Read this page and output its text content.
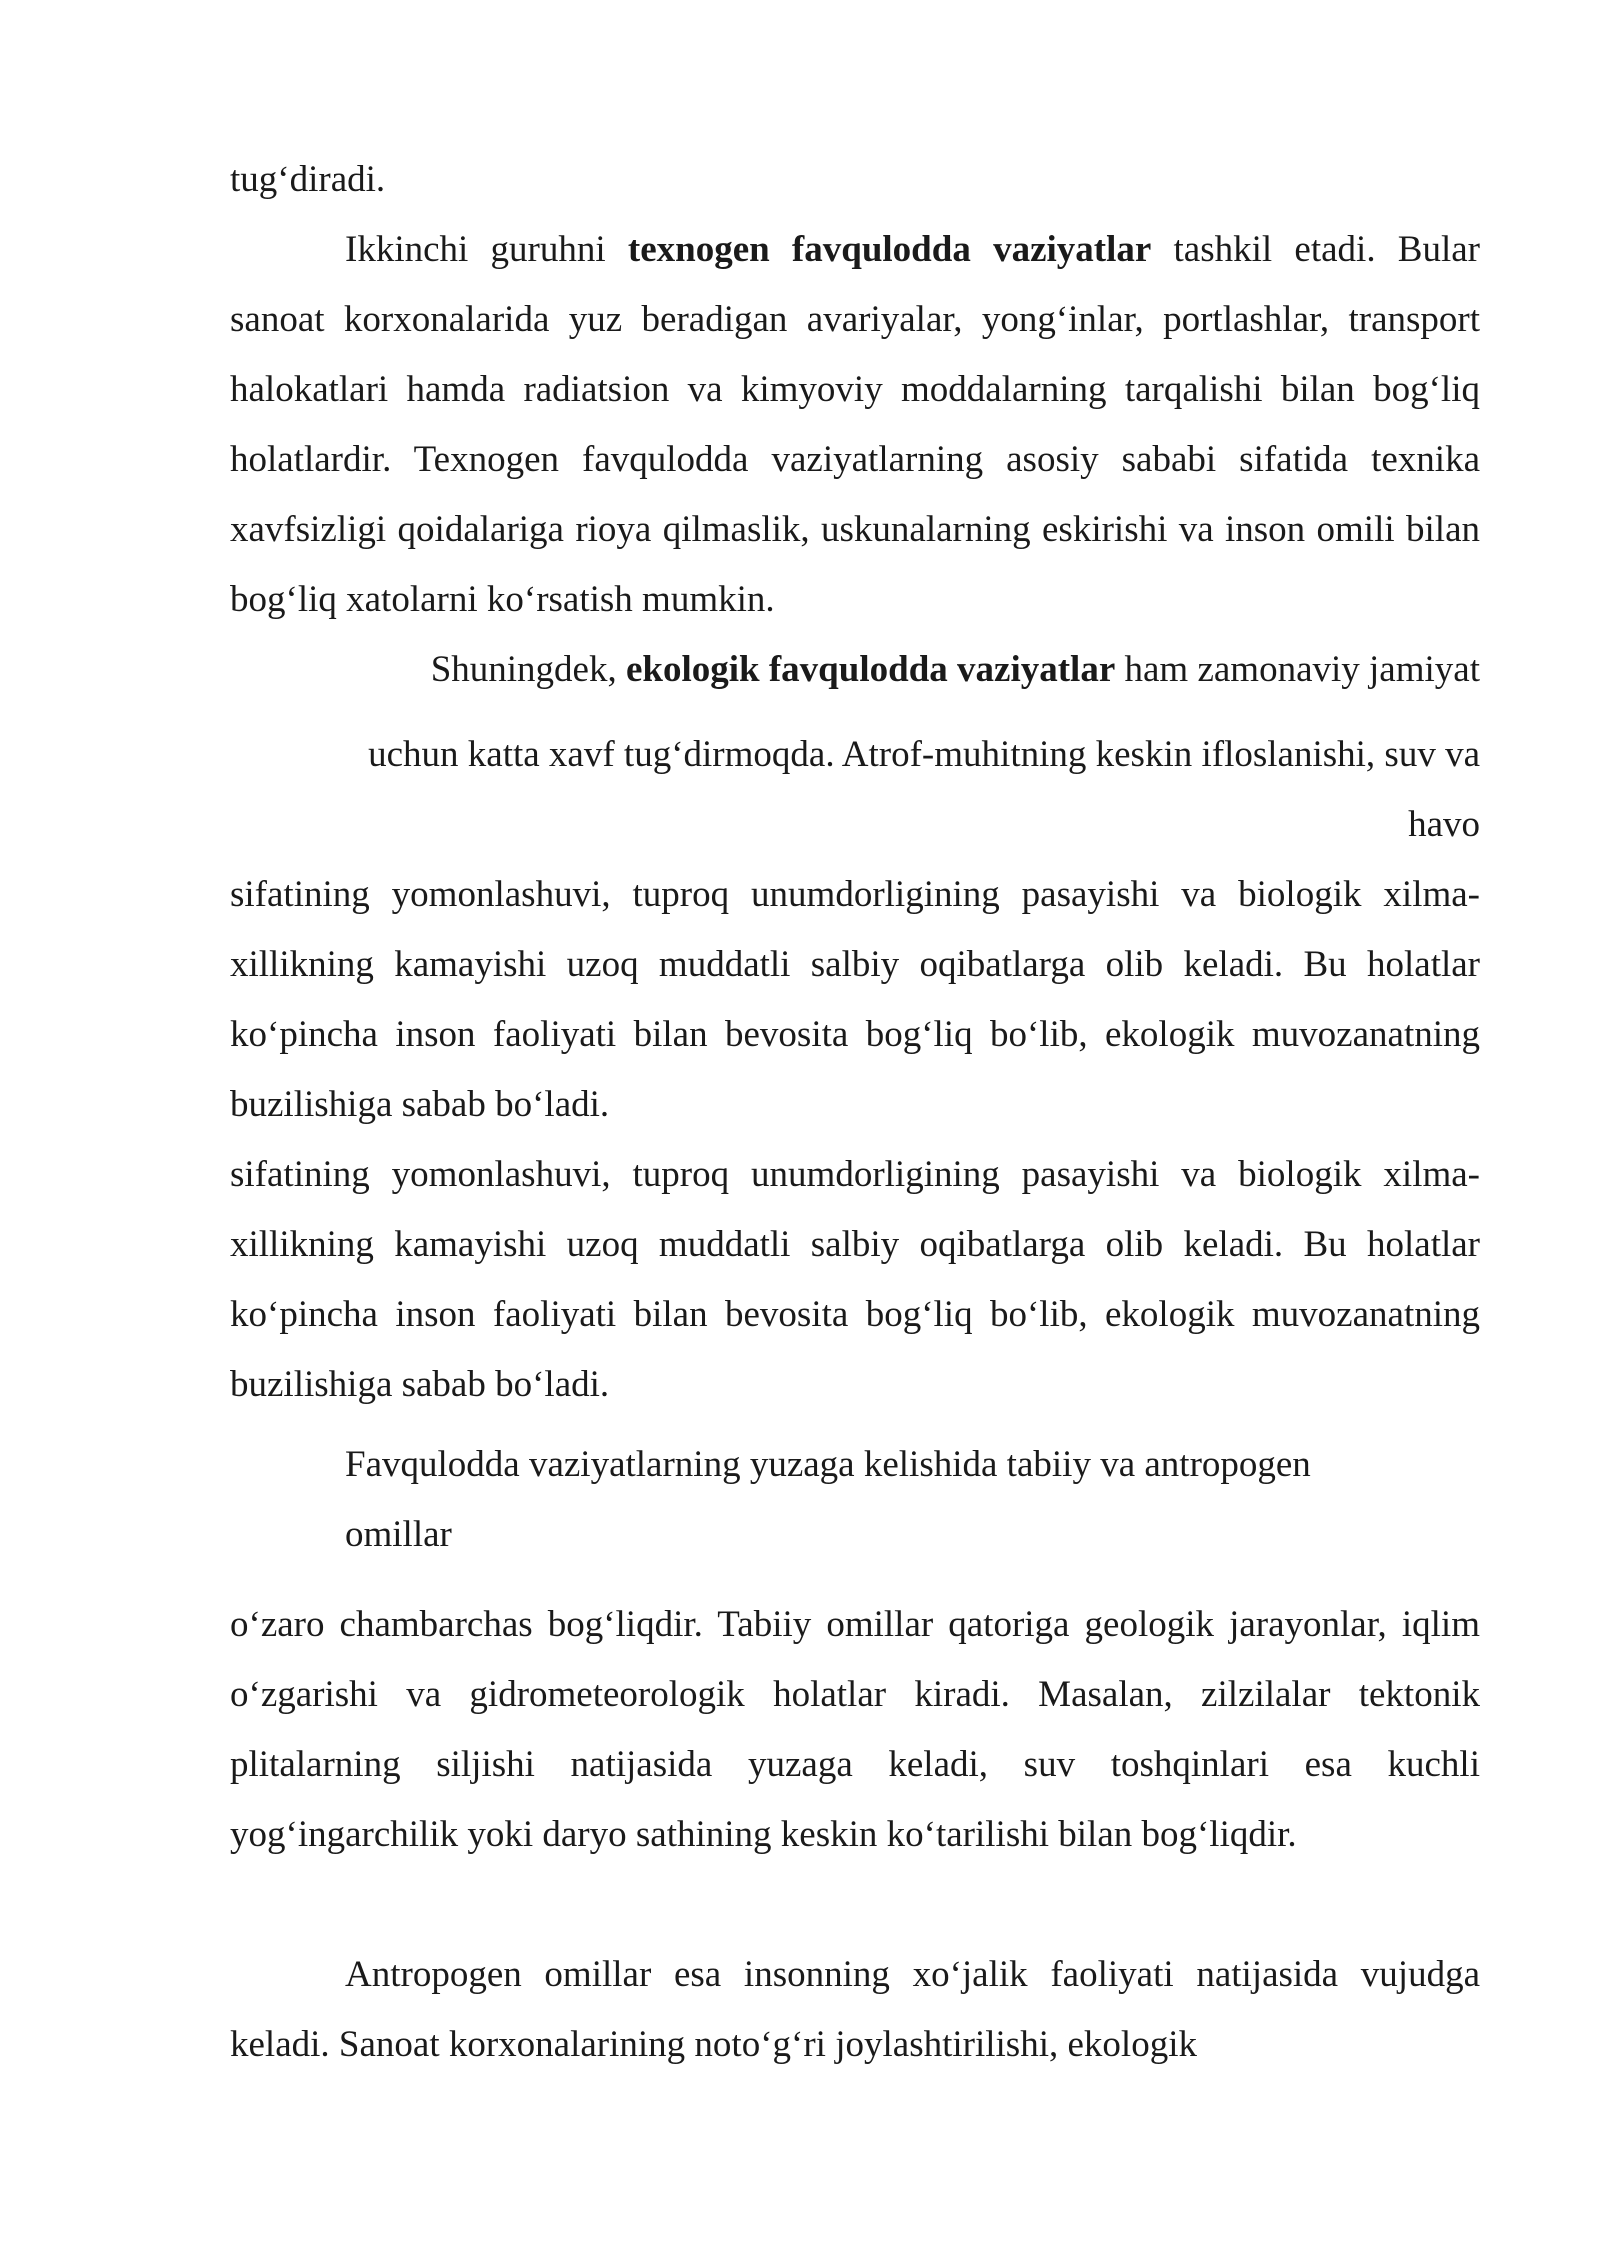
tug‘diradi.

Ikkinchi guruhni texnogen favqulodda vaziyatlar tashkil etadi. Bular sanoat korxonalarida yuz beradigan avariyalar, yong‘inlar, portlashlar, transport halokatlari hamda radiatsion va kimyoviy moddalarning tarqalishi bilan bog‘liq holatlardir. Texnogen favqulodda vaziyatlarning asosiy sababi sifatida texnika xavfsizligi qoidalariga rioya qilmaslik, uskunalarning eskirishi va inson omili bilan bog‘liq xatolarni ko‘rsatish mumkin.

Shuningdek, ekologik favqulodda vaziyatlar ham zamonaviy jamiyat

uchun katta xavf tug‘dirmoqda. Atrof-muhitning keskin ifloslanishi, suv va

havo

sifatining yomonlashuvi, tuproq unumdorligining pasayishi va biologik xilma-xillikning kamayishi uzoq muddatli salbiy oqibatlarga olib keladi. Bu holatlar ko‘pincha inson faoliyati bilan bevosita bog‘liq bo‘lib, ekologik muvozanatning buzilishiga sabab bo‘ladi.

sifatining yomonlashuvi, tuproq unumdorligining pasayishi va biologik xilma-xillikning kamayishi uzoq muddatli salbiy oqibatlarga olib keladi. Bu holatlar ko‘pincha inson faoliyati bilan bevosita bog‘liq bo‘lib, ekologik muvozanatning buzilishiga sabab bo‘ladi.

Favqulodda vaziyatlarning yuzaga kelishida tabiiy va antropogen omillar

o‘zaro chambarchas bog‘liqdir. Tabiiy omillar qatoriga geologik jarayonlar, iqlim o‘zgarishi va gidrometeorologik holatlar kiradi. Masalan, zilzilalar tektonik plitalarning siljishi natijasida yuzaga keladi, suv toshqinlari esa kuchli yog‘ingarchilik yoki daryo sathining keskin ko‘tarilishi bilan bog‘liqdir.

Antropogen omillar esa insonning xo‘jalik faoliyati natijasida vujudga keladi. Sanoat korxonalarining noto‘g‘ri joylashtirilishi, ekologik
